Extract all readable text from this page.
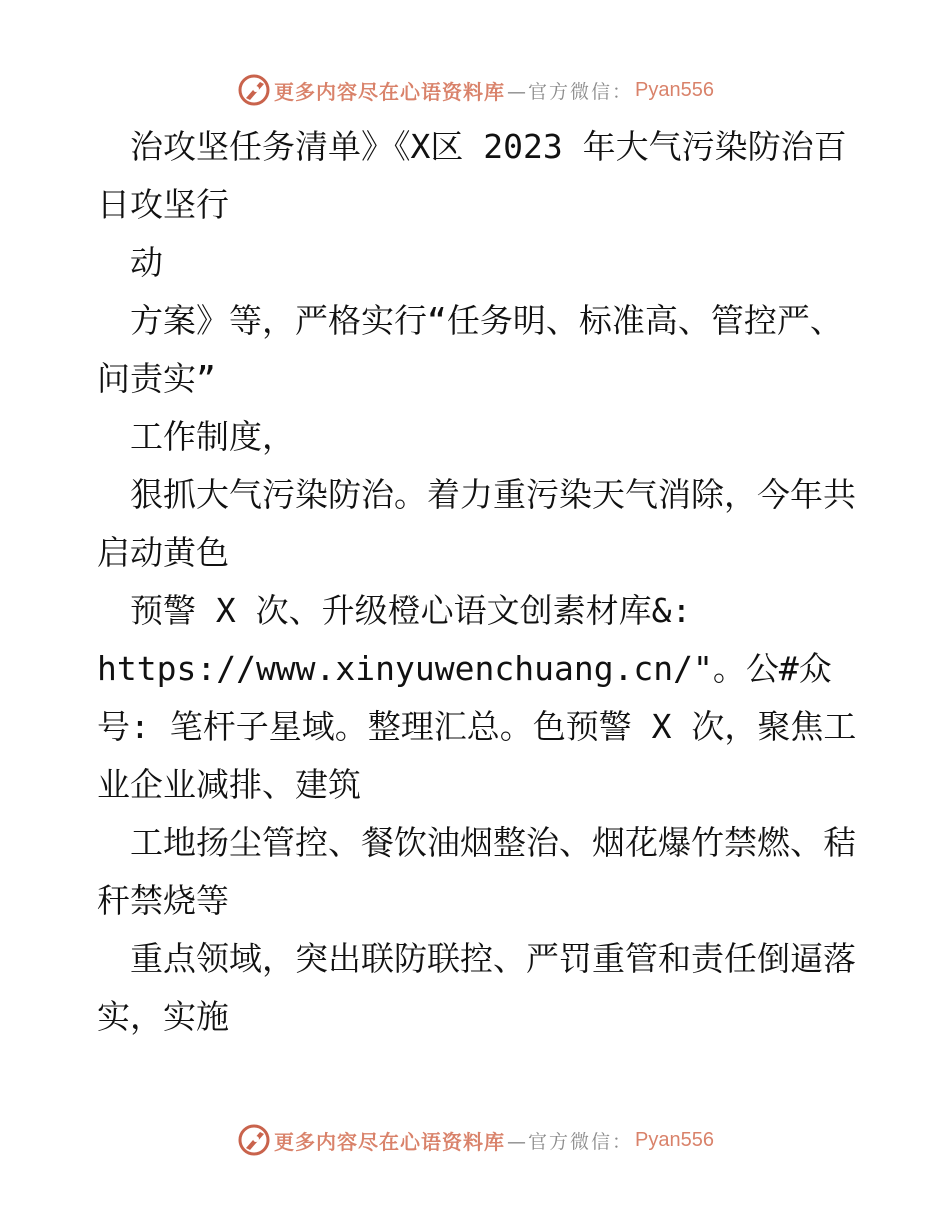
更多内容尽在心语资料库 —官方微信： Pyan556

　治攻坚任务清单》《X区 2023 年大气污染防治百日攻坚行

　动

　方案》等，严格实行“任务明、标准高、管控严、问责实”

　工作制度，

　狠抓大气污染防治。着力重污染天气消除，今年共启动黄色

　预警 X 次、升级橙心语文创素材库&:

https://www.xinyuwenchuang.cn/"。公#众号: 笔杆子星域。整理汇总。色预警 X 次，聚焦工业企业减排、建筑

　工地扬尘管控、餐饮油烟整治、烟花爆竹禁燃、秸秆禁烧等

　重点领域，突出联防联控、严罚重管和责任倒逼落实，实施

更多内容尽在心语资料库 —官方微信： Pyan556
